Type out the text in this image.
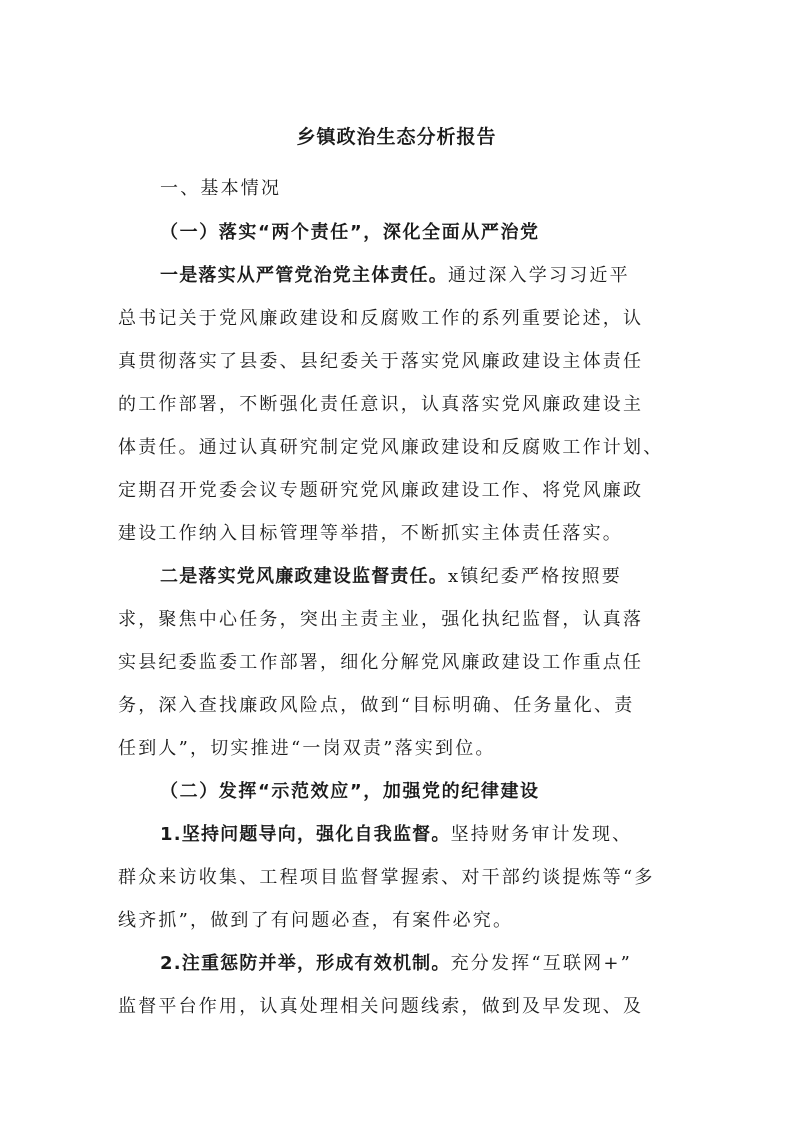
乡镇政治生态分析报告
一、基本情况
（一）落实“两个责任”，深化全面从严治党
一是落实从严管党治党主体责任。通过深入学习习近平
总书记关于党风廉政建设和反腐败工作的系列重要论述，认
真贯彻落实了县委、县纪委关于落实党风廉政建设主体责任
的工作部署，不断强化责任意识，认真落实党风廉政建设主
体责任。通过认真研究制定党风廉政建设和反腐败工作计划、
定期召开党委会议专题研究党风廉政建设工作、将党风廉政
建设工作纳入目标管理等举措，不断抓实主体责任落实。
二是落实党风廉政建设监督责任。x镇纪委严格按照要
求，聚焦中心任务，突出主责主业，强化执纪监督，认真落
实县纪委监委工作部署，细化分解党风廉政建设工作重点任
务，深入查找廉政风险点，做到“目标明确、任务量化、责
任到人”，切实推进“一岗双责”落实到位。
（二）发挥“示范效应”，加强党的纪律建设
1.坚持问题导向，强化自我监督。坚持财务审计发现、
群众来访收集、工程项目监督掌握索、对干部约谈提炼等“多
线齐抓”，做到了有问题必查，有案件必究。
2.注重惩防并举，形成有效机制。充分发挥“互联网+”
监督平台作用，认真处理相关问题线索，做到及早发现、及
